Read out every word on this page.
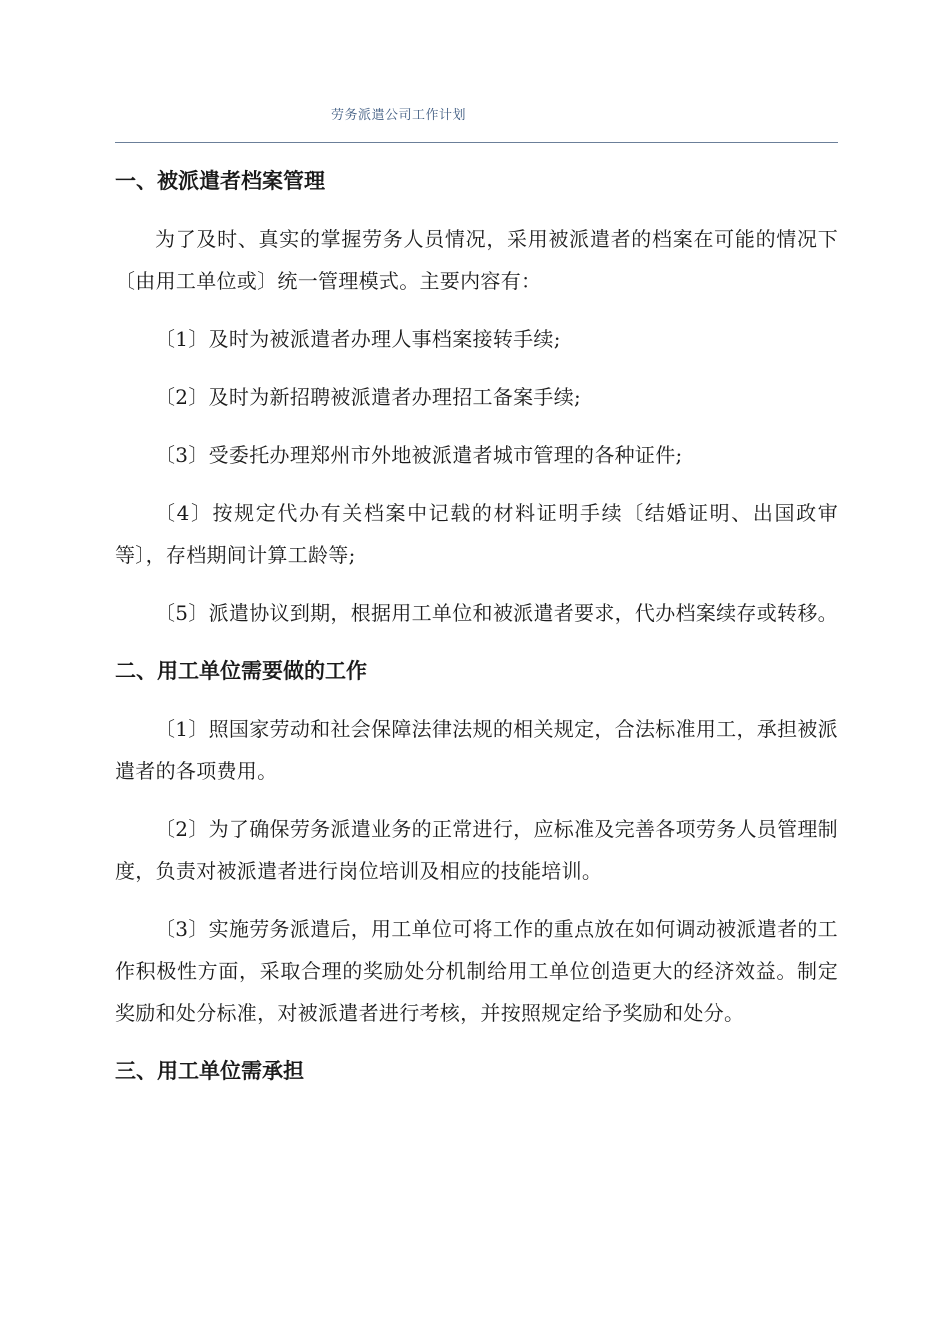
劳务派遣公司工作计划
一、被派遣者档案管理

为了及时、真实的掌握劳务人员情况，采用被派遣者的档案在可能的情况下〔由用工单位或〕统一管理模式。主要内容有：

〔1〕及时为被派遣者办理人事档案接转手续;

〔2〕及时为新招聘被派遣者办理招工备案手续;

〔3〕受委托办理郑州市外地被派遣者城市管理的各种证件;

〔4〕按规定代办有关档案中记载的材料证明手续〔结婚证明、出国政审等〕，存档期间计算工龄等;

〔5〕派遣协议到期，根据用工单位和被派遣者要求，代办档案续存或转移。

二、用工单位需要做的工作

〔1〕照国家劳动和社会保障法律法规的相关规定，合法标准用工，承担被派遣者的各项费用。

〔2〕为了确保劳务派遣业务的正常进行，应标准及完善各项劳务人员管理制度，负责对被派遣者进行岗位培训及相应的技能培训。

〔3〕实施劳务派遣后，用工单位可将工作的重点放在如何调动被派遣者的工作积极性方面，采取合理的奖励处分机制给用工单位创造更大的经济效益。制定奖励和处分标准，对被派遣者进行考核，并按照规定给予奖励和处分。

三、用工单位需承担
